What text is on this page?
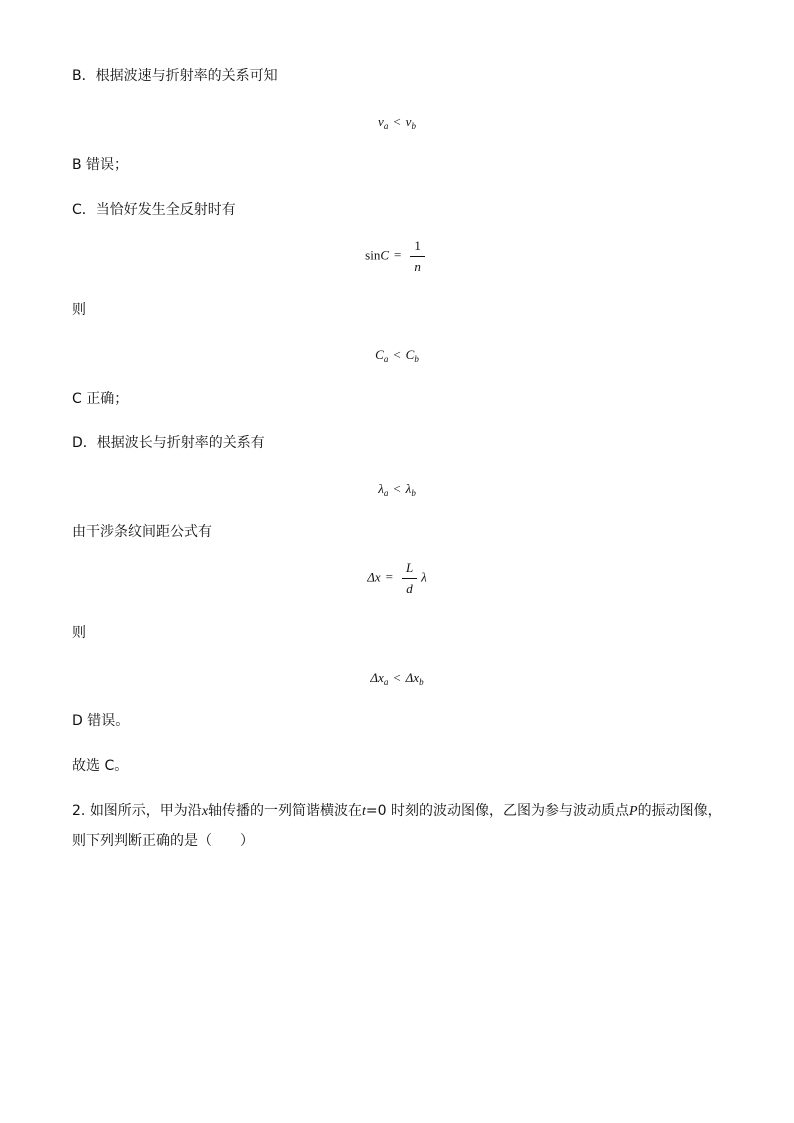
B．根据波速与折射率的关系可知
$v_a < v_b$
B 错误；
C．当恰好发生全反射时有
$\sin C = \frac{1}{n}$
则
$C_a < C_b$
C 正确；
D．根据波长与折射率的关系有
$\lambda_a < \lambda_b$
由干涉条纹间距公式有
$\Delta x = \frac{L}{d}$ λ
则
$\Delta x_a < \Delta x_b$
D 错误。
故选 C。
2. 如图所示，甲为沿x轴传播的一列简谐横波在t=0 时刻的波动图像，乙图为参与波动质点P的振动图像，
则下列判断正确的是（　　）
